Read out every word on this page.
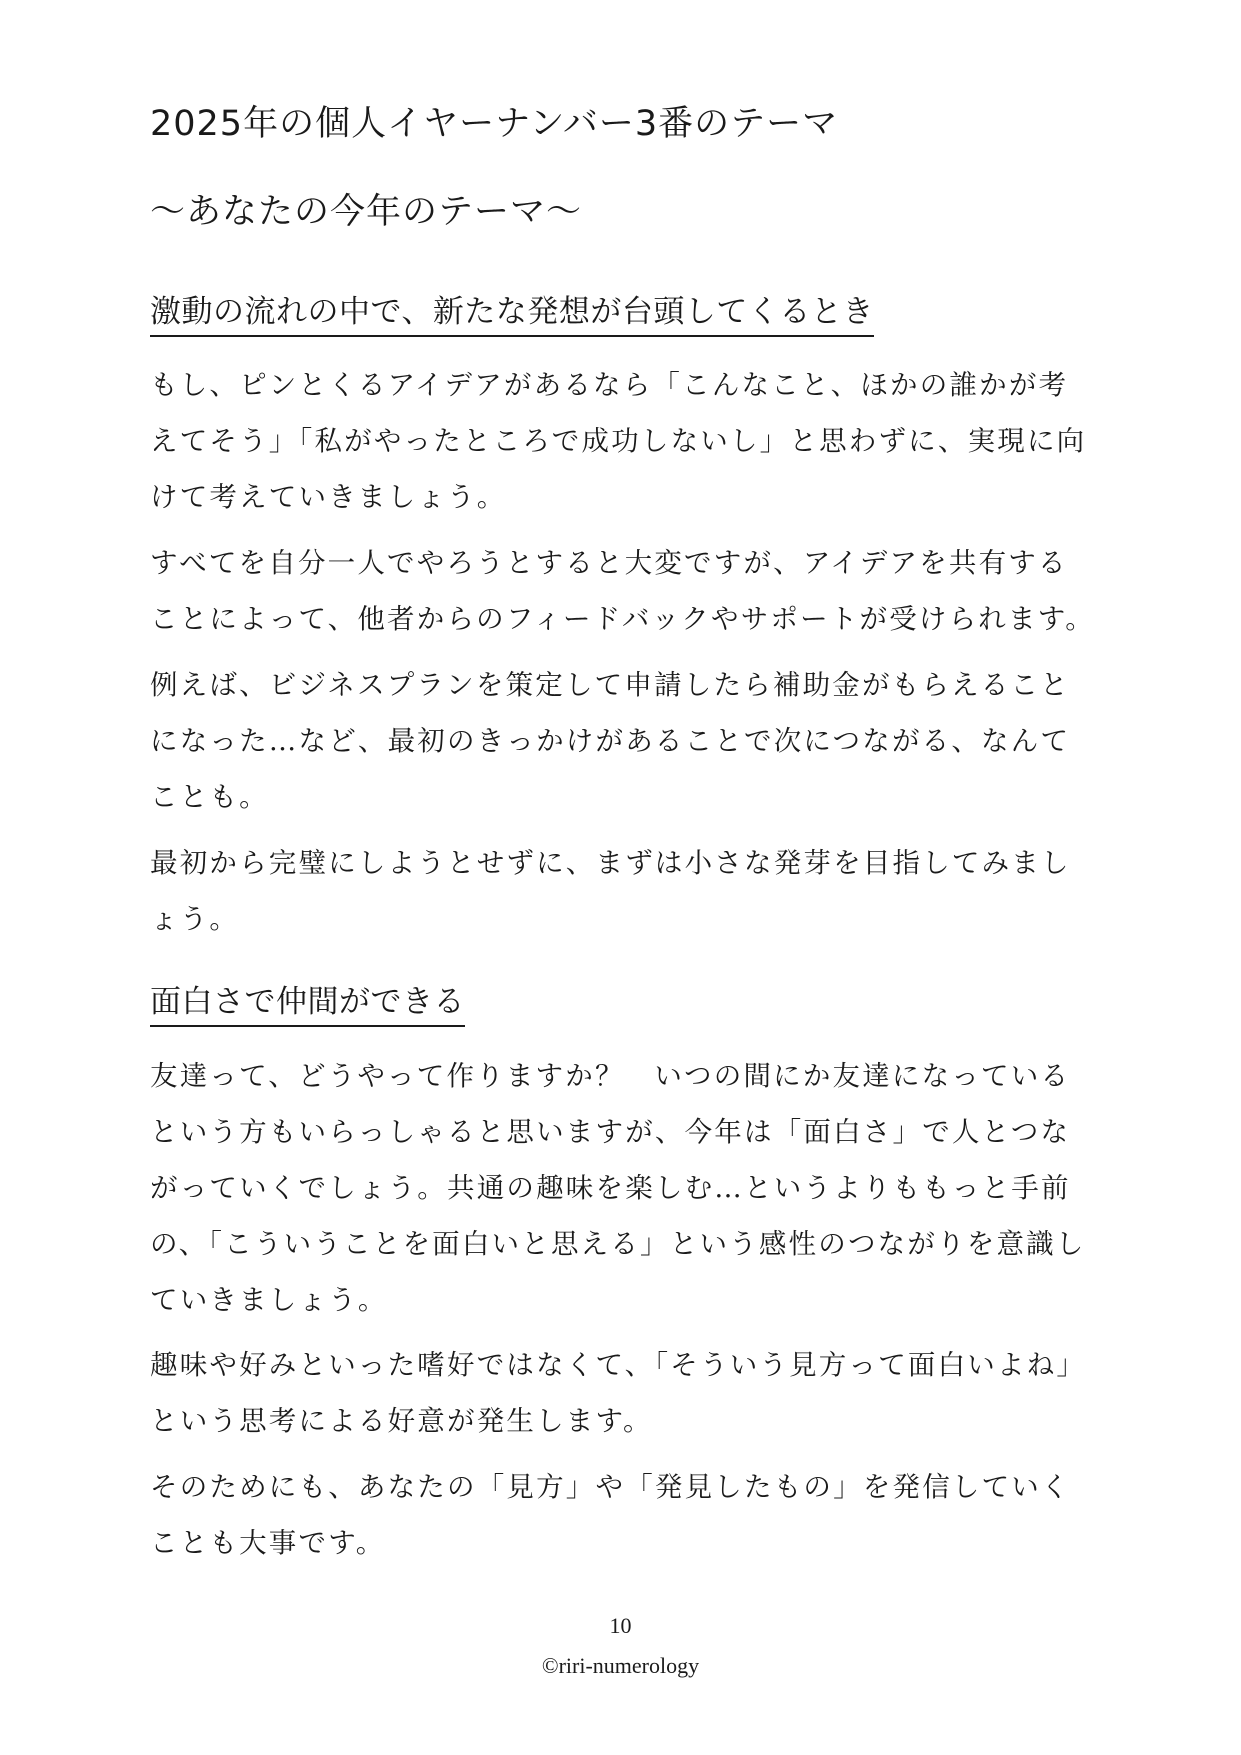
2025年の個人イヤーナンバー3番のテーマ
～あなたの今年のテーマ～
激動の流れの中で、新たな発想が台頭してくるとき

もし、ピンとくるアイデアがあるなら「こんなこと、ほかの誰かが考えてそう」「私がやったところで成功しないし」と思わずに、実現に向けて考えていきましょう。

すべてを自分一人でやろうとすると大変ですが、アイデアを共有することによって、他者からのフィードバックやサポートが受けられます。

例えば、ビジネスプランを策定して申請したら補助金がもらえることになった…など、最初のきっかけがあることで次につながる、なんてことも。

最初から完璧にしようとせずに、まずは小さな発芽を目指してみましょう。

面白さで仲間ができる

友達って、どうやって作りますか？　いつの間にか友達になっているという方もいらっしゃると思いますが、今年は「面白さ」で人とつながっていくでしょう。共通の趣味を楽しむ…というよりももっと手前の、「こういうことを面白いと思える」という感性のつながりを意識していきましょう。

趣味や好みといった嗜好ではなくて、「そういう見方って面白いよね」という思考による好意が発生します。

そのためにも、あなたの「見方」や「発見したもの」を発信していくことも大事です。

10

©riri-numerology
